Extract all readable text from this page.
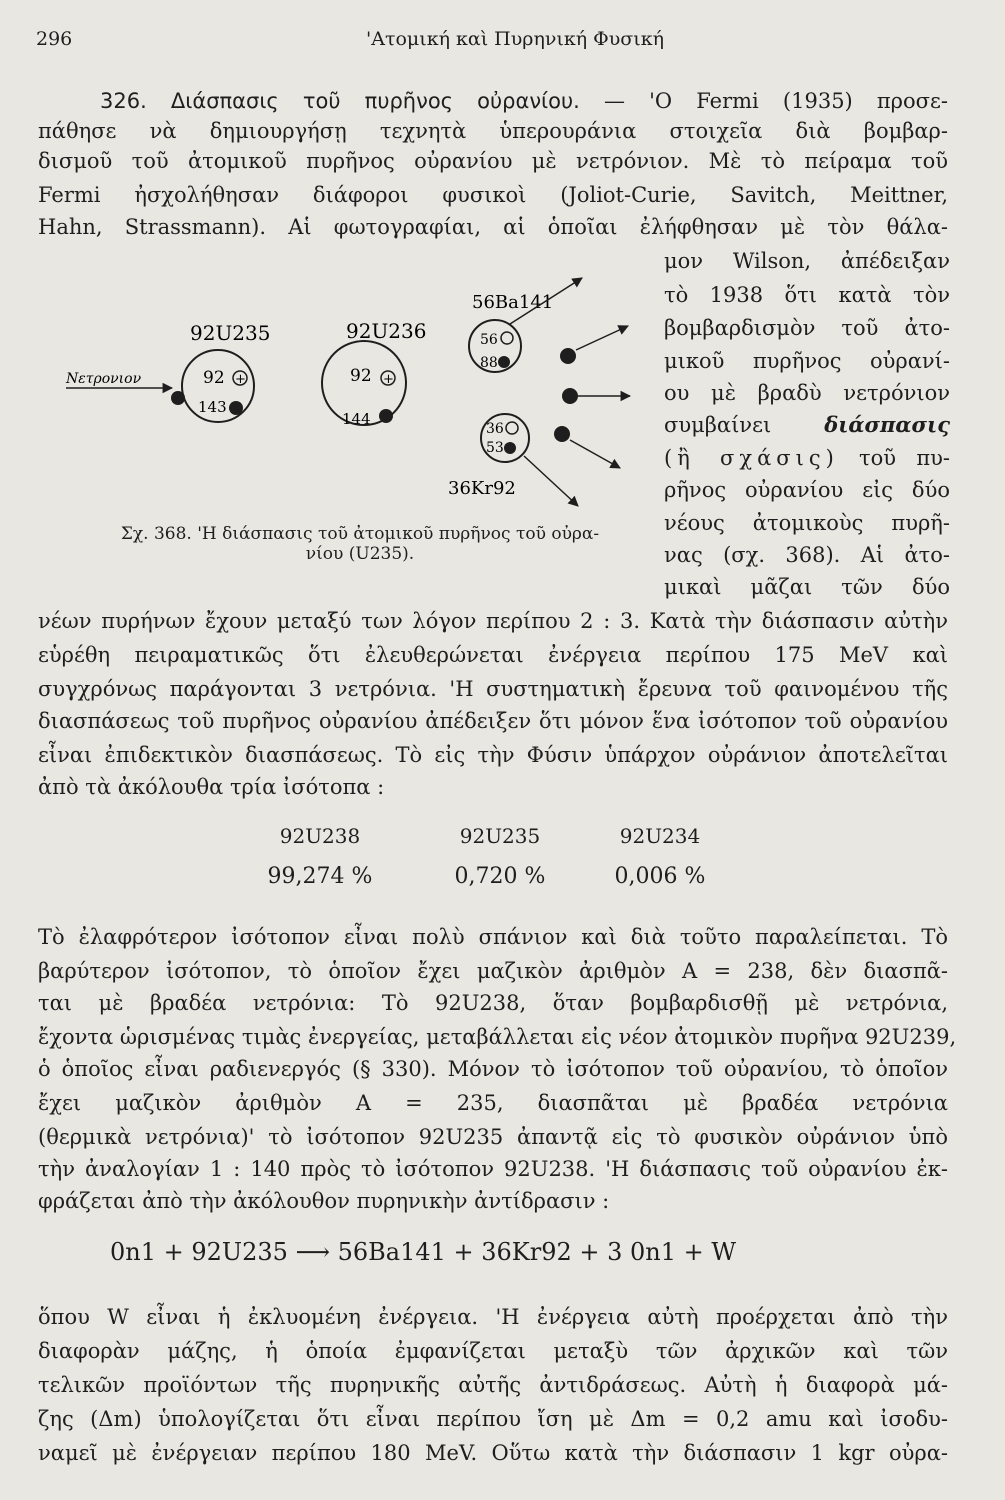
296	'Ατομική καὶ Πυρηνική Φυσική
326. Διάσπασις τοῦ πυρῆνος οὐρανίου. — 'Ο Fermi (1935) προσε-
πάθησε νὰ δημιουργήσῃ τεχνητὰ ὑπερουράνια στοιχεῖα διὰ βομβαρ-
δισμοῦ τοῦ ἀτομικοῦ πυρῆνος οὐρανίου μὲ νετρόνιον. Μὲ τὸ πείραμα τοῦ
Fermi ἠσχολήθησαν διάφοροι φυσικοὶ (Joliot-Curie, Savitch, Meittner,
Hahn, Strassmann). Αἱ φωτογραφίαι, αἱ ὁποῖαι ἐλήφθησαν μὲ τὸν θάλα-
μον Wilson, ἀπέδειξαν
τὸ 1938 ὅτι κατὰ τὸν
βομβαρδισμὸν τοῦ ἀτο-
μικοῦ πυρῆνος οὐρανί-
ου μὲ βραδὺ νετρόνιον
συμβαίνει	διάσπασις
(ἢ σχάσις) τοῦ πυ-
ρῆνος οὐρανίου εἰς δύο
νέους ἀτομικοὺς πυρῆ-
νας (σχ. 368). Αἱ ἀτο-
μικαὶ μᾶζαι τῶν δύο
Νετρονιον
92U235
92 +
143
92U236
92 +
144
56Ba141
56
88
36
53
36Kr92
Σχ. 368. 'Η διάσπασις τοῦ ἀτομικοῦ πυρῆνος τοῦ οὐρα-
νίου (U235).
νέων πυρήνων ἔχουν μεταξύ των λόγον περίπου 2 : 3. Κατὰ τὴν διάσπασιν αὐτὴν
εὑρέθη πειραματικῶς ὅτι ἐλευθερώνεται ἐνέργεια περίπου 175 MeV καὶ
συγχρόνως παράγονται 3 νετρόνια. 'Η συστηματικὴ ἔρευνα τοῦ φαινομένου τῆς
διασπάσεως τοῦ πυρῆνος οὐρανίου ἀπέδειξεν ὅτι μόνον ἕνα ἰσότοπον τοῦ οὐρανίου
εἶναι ἐπιδεκτικὸν διασπάσεως. Τὸ εἰς τὴν Φύσιν ὑπάρχον οὐράνιον ἀποτελεῖται
ἀπὸ τὰ ἀκόλουθα τρία ἰσότοπα :
92U238
99,274 %
92U235
0,720 %
92U234
0,006 %
Τὸ ἐλαφρότερον ἰσότοπον εἶναι πολὺ σπάνιον καὶ διὰ τοῦτο παραλείπεται. Τὸ
βαρύτερον ἰσότοπον, τὸ ὁποῖον ἔχει μαζικὸν ἀριθμὸν A = 238, δὲν διασπᾶ-
ται μὲ βραδέα νετρόνια: Τὸ 92U238, ὅταν βομβαρδισθῇ μὲ νετρόνια,
ἔχοντα ὡρισμένας τιμὰς ἐνεργείας, μεταβάλλεται εἰς νέον ἀτομικὸν πυρῆνα 92U239,
ὁ ὁποῖος εἶναι ραδιενεργός (§ 330). Μόνον τὸ ἰσότοπον τοῦ οὐρανίου, τὸ ὁποῖον
ἔχει μαζικὸν ἀριθμὸν A = 235, διασπᾶται μὲ βραδέα νετρόνια
(θερμικὰ νετρόνια)' τὸ ἰσότοπον 92U235 ἀπαντᾷ εἰς τὸ φυσικὸν οὐράνιον ὑπὸ
τὴν ἀναλογίαν 1 : 140 πρὸς τὸ ἰσότοπον 92U238. 'Η διάσπασις τοῦ οὐρανίου ἐκ-
φράζεται ἀπὸ τὴν ἀκόλουθον πυρηνικὴν ἀντίδρασιν :
0n1 + 92U235 ⟶ 56Ba141 + 36Kr92 + 3 0n1 + W
ὅπου W εἶναι ἡ ἐκλυομένη ἐνέργεια. 'Η ἐνέργεια αὐτὴ προέρχεται ἀπὸ τὴν
διαφορὰν μάζης, ἡ ὁποία ἐμφανίζεται μεταξὺ τῶν ἀρχικῶν καὶ τῶν
τελικῶν προϊόντων τῆς πυρηνικῆς αὐτῆς ἀντιδράσεως. Αὐτὴ ἡ διαφορὰ μά-
ζης (Δm) ὑπολογίζεται ὅτι εἶναι περίπου ἴση μὲ Δm = 0,2 amu καὶ ἰσοδυ-
ναμεῖ μὲ ἐνέργειαν περίπου 180 MeV. Οὕτω κατὰ τὴν διάσπασιν 1 kgr οὐρα-
